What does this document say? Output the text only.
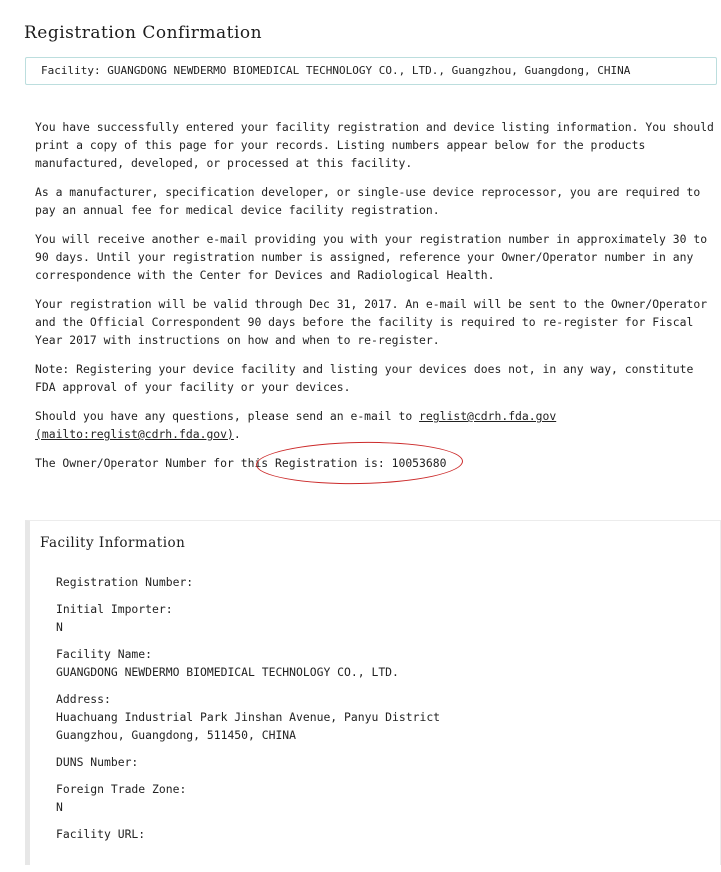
Registration Confirmation
Facility: GUANGDONG NEWDERMO BIOMEDICAL TECHNOLOGY CO., LTD., Guangzhou, Guangdong, CHINA

You have successfully entered your facility registration and device listing information. You should print a copy of this page for your records. Listing numbers appear below for the products manufactured, developed, or processed at this facility.

As a manufacturer, specification developer, or single-use device reprocessor, you are required to pay an annual fee for medical device facility registration.

You will receive another e-mail providing you with your registration number in approximately 30 to 90 days. Until your registration number is assigned, reference your Owner/Operator number in any correspondence with the Center for Devices and Radiological Health.

Your registration will be valid through Dec 31, 2017. An e-mail will be sent to the Owner/Operator and the Official Correspondent 90 days before the facility is required to re-register for Fiscal Year 2017 with instructions on how and when to re-register.

Note: Registering your device facility and listing your devices does not, in any way, constitute FDA approval of your facility or your devices.

Should you have any questions, please send an e-mail to reglist@cdrh.fda.gov (mailto:reglist@cdrh.fda.gov).

The Owner/Operator Number for this Registration is: 10053680

Facility Information
Registration Number:
Initial Importer:
N
Facility Name:
GUANGDONG NEWDERMO BIOMEDICAL TECHNOLOGY CO., LTD.
Address:
Huachuang Industrial Park Jinshan Avenue, Panyu District
Guangzhou, Guangdong, 511450, CHINA
DUNS Number:
Foreign Trade Zone:
N
Facility URL:
